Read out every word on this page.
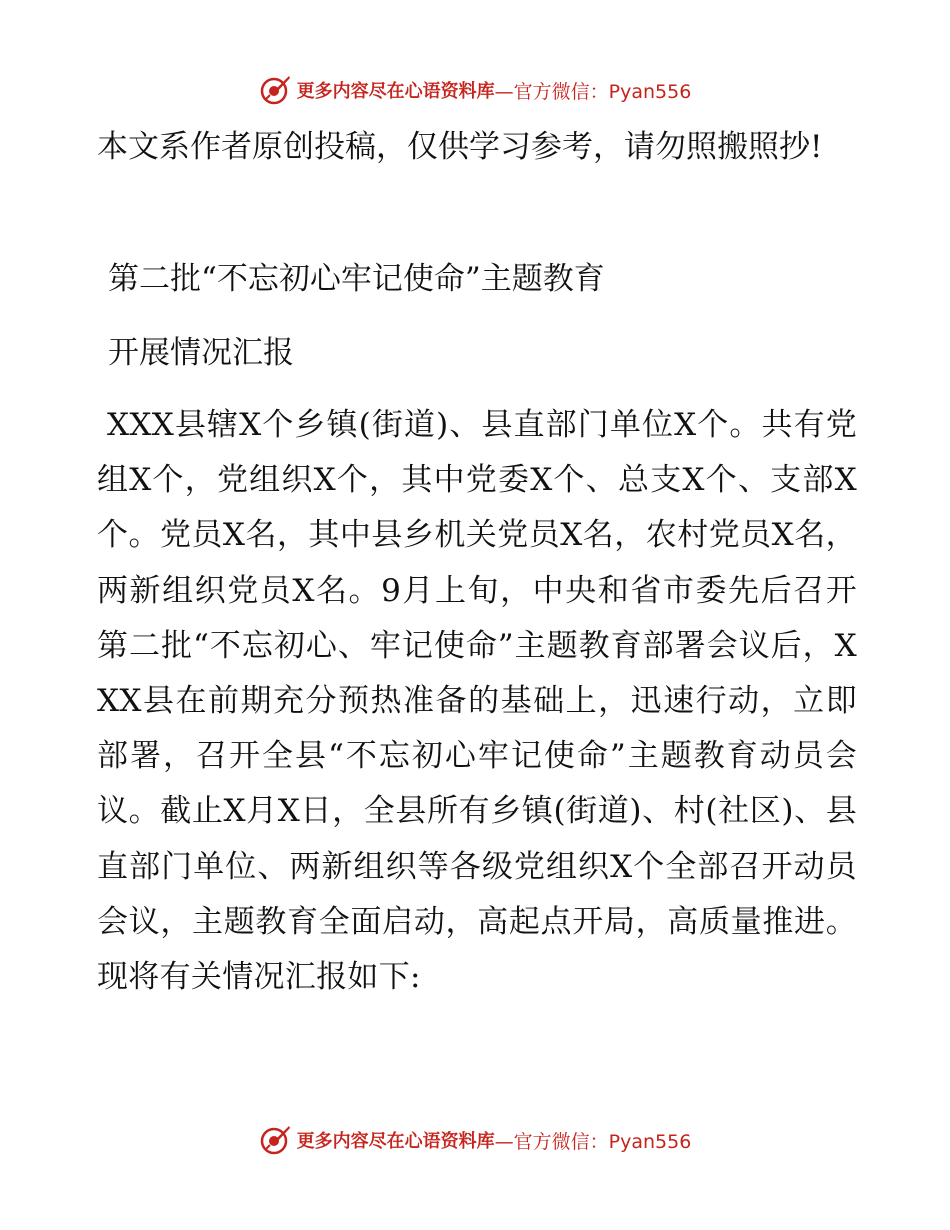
更多内容尽在心语资料库 —官方微信：Pyan556
本文系作者原创投稿，仅供学习参考，请勿照搬照抄!
第二批“不忘初心牢记使命”主题教育
开展情况汇报
XXX县辖X个乡镇(街道)、县直部门单位X个。共有党组X个，党组织X个，其中党委X个、总支X个、支部X个。党员X名，其中县乡机关党员X名，农村党员X名，两新组织党员X名。9月上旬，中央和省市委先后召开第二批“不忘初心、牢记使命”主题教育部署会议后，XXX县在前期充分预热准备的基础上，迅速行动，立即部署，召开全县“不忘初心牢记使命”主题教育动员会议。截止X月X日，全县所有乡镇(街道)、村(社区)、县直部门单位、两新组织等各级党组织X个全部召开动员会议，主题教育全面启动，高起点开局，高质量推进。现将有关情况汇报如下:
更多内容尽在心语资料库 —官方微信：Pyan556
